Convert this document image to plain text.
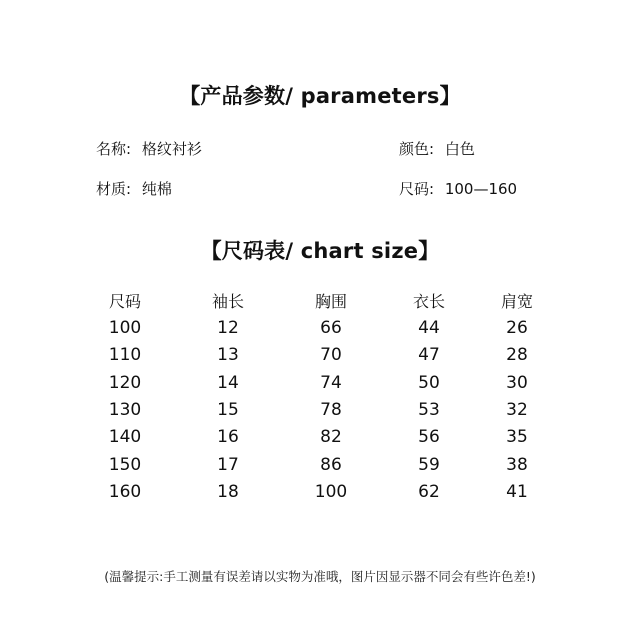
【产品参数/ parameters】
名称: 格纹衬衫	颜色: 白色
材质: 纯棉	尺码: 100—160
【尺码表/ chart size】
尺码	袖长	胸围	衣长	肩宽
100	12	66	44	26
110	13	70	47	28
120	14	74	50	30
130	15	78	53	32
140	16	82	56	35
150	17	86	59	38
160	18	100	62	41
(温馨提示:手工测量有误差请以实物为准哦，图片因显示器不同会有些许色差!)
